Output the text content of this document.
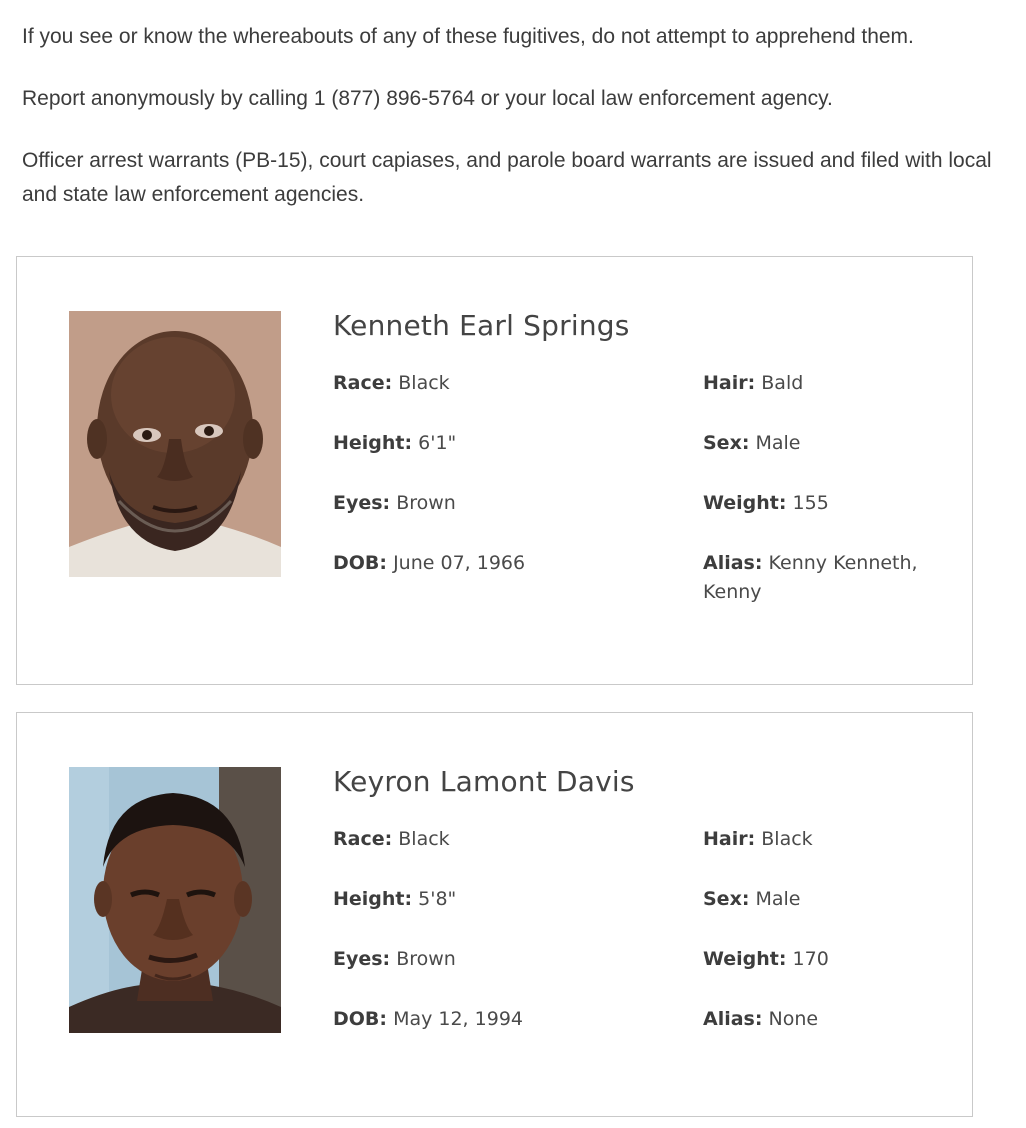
If you see or know the whereabouts of any of these fugitives, do not attempt to apprehend them.

Report anonymously by calling 1 (877) 896-5764 or your local law enforcement agency.

Officer arrest warrants (PB-15), court capiases, and parole board warrants are issued and filed with local and state law enforcement agencies.

Kenneth Earl Springs
Race: Black
Height: 6'1"
Eyes: Brown
DOB: June 07, 1966
Hair: Bald
Sex: Male
Weight: 155
Alias: Kenny Kenneth, Kenny
Keyron Lamont Davis
Race: Black
Height: 5'8"
Eyes: Brown
DOB: May 12, 1994
Hair: Black
Sex: Male
Weight: 170
Alias: None
